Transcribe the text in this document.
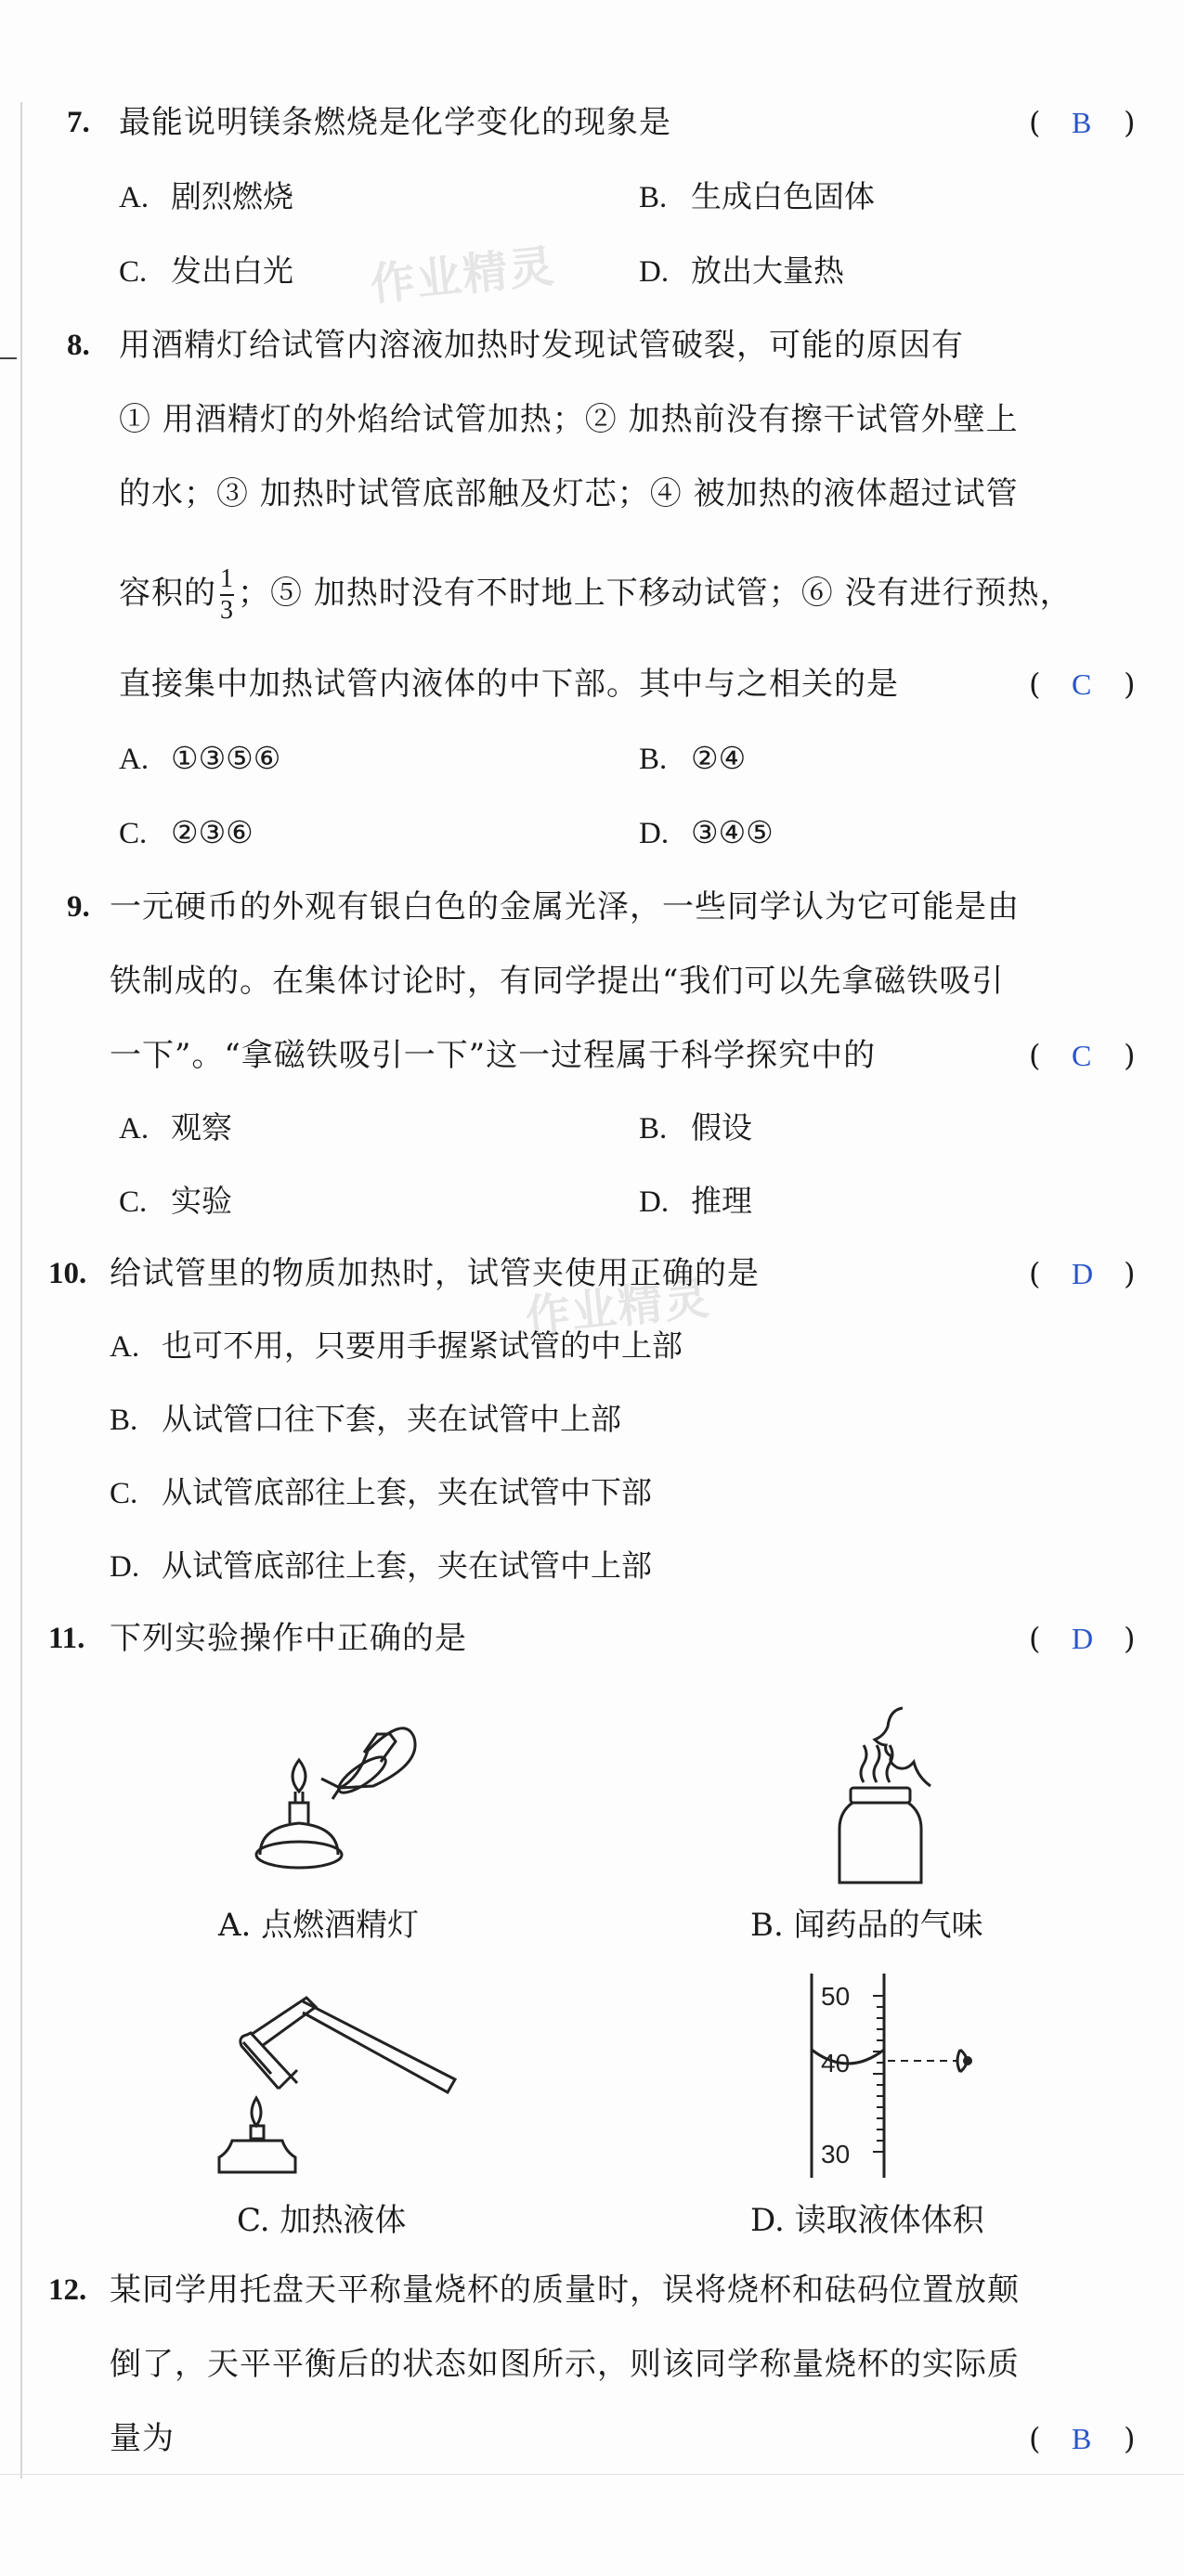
作业精灵
作业精灵
7. 最能说明镁条燃烧是化学变化的现象是	( B )
A. 剧烈燃烧	B. 生成白色固体
C. 发出白光	D. 放出大量热
8. 用酒精灯给试管内溶液加热时发现试管破裂，可能的原因有
① 用酒精灯的外焰给试管加热；② 加热前没有擦干试管外壁上
的水；③ 加热时试管底部触及灯芯；④ 被加热的液体超过试管
容积的 $\frac{1}{3}$ ；⑤ 加热时没有不时地上下移动试管；⑥ 没有进行预热，
直接集中加热试管内液体的中下部。其中与之相关的是	( C )
A. ①③⑤⑥	B. ②④
C. ②③⑥	D. ③④⑤
9. 一元硬币的外观有银白色的金属光泽，一些同学认为它可能是由
铁制成的。在集体讨论时，有同学提出“我们可以先拿磁铁吸引
一下”。“拿磁铁吸引一下”这一过程属于科学探究中的	( C )
A. 观察	B. 假设
C. 实验	D. 推理
10. 给试管里的物质加热时，试管夹使用正确的是	( D )
A. 也可不用，只要用手握紧试管的中上部
B. 从试管口往下套，夹在试管中上部
C. 从试管底部往上套，夹在试管中下部
D. 从试管底部往上套，夹在试管中上部
11. 下列实验操作中正确的是	( D )
A. 点燃酒精灯	B. 闻药品的气味
C. 加热液体
50
40
30
D. 读取液体体积
12. 某同学用托盘天平称量烧杯的质量时，误将烧杯和砝码位置放颠
倒了，天平平衡后的状态如图所示，则该同学称量烧杯的实际质
量为	( B )
